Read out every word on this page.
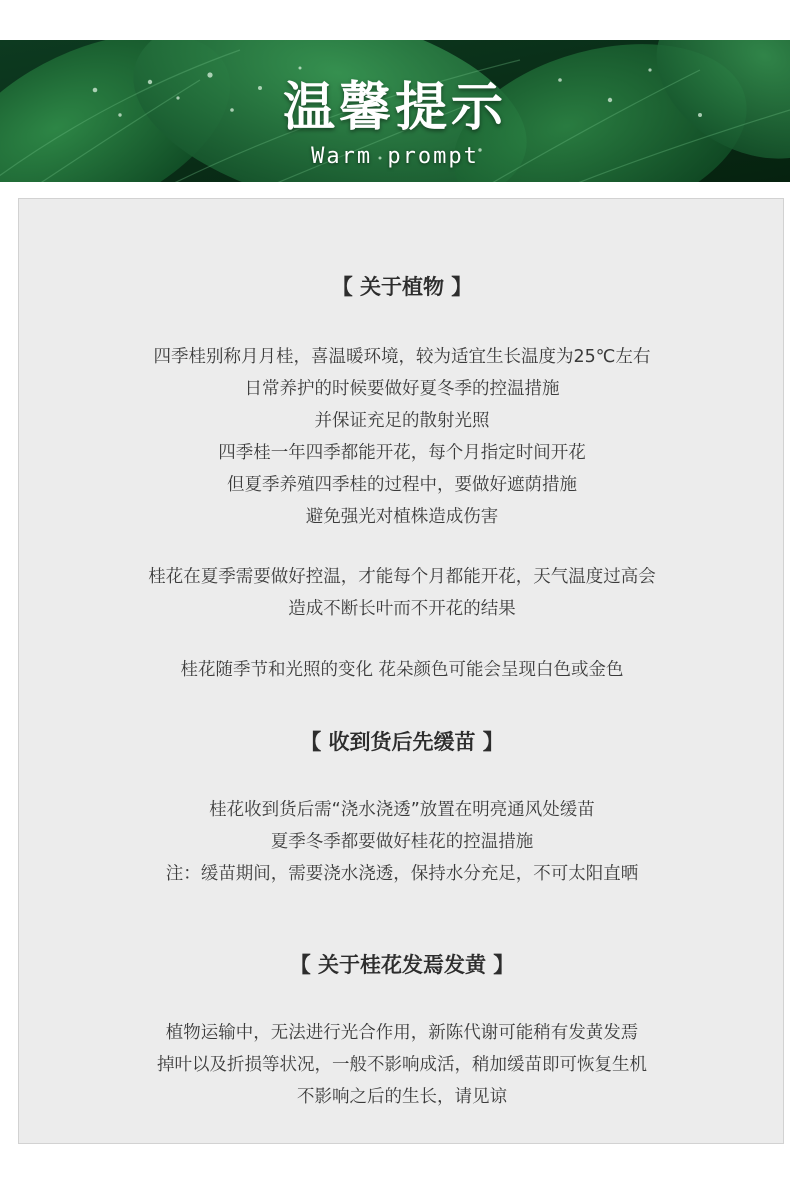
温馨提示
Warm prompt
【 关于植物 】
四季桂别称月月桂，喜温暖环境，较为适宜生长温度为25℃左右
日常养护的时候要做好夏冬季的控温措施
并保证充足的散射光照
四季桂一年四季都能开花，每个月指定时间开花
但夏季养殖四季桂的过程中，要做好遮荫措施
避免强光对植株造成伤害
桂花在夏季需要做好控温，才能每个月都能开花，天气温度过高会
造成不断长叶而不开花的结果
桂花随季节和光照的变化 花朵颜色可能会呈现白色或金色
【 收到货后先缓苗 】
桂花收到货后需“浇水浇透”放置在明亮通风处缓苗
夏季冬季都要做好桂花的控温措施
注：缓苗期间，需要浇水浇透，保持水分充足，不可太阳直晒
【 关于桂花发焉发黄 】
植物运输中，无法进行光合作用，新陈代谢可能稍有发黄发焉
掉叶以及折损等状况，一般不影响成活，稍加缓苗即可恢复生机
不影响之后的生长，请见谅
